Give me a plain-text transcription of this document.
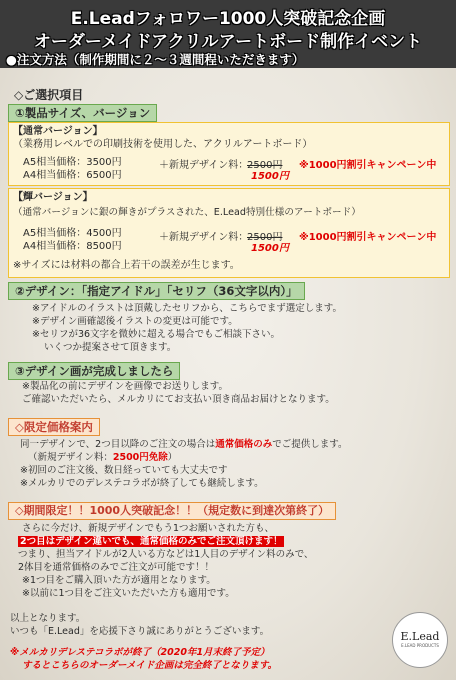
E.Leadフォロワー1000人突破記念企画
オーダーメイドアクリルアートボード制作イベント
●注文方法（制作期間に２～３週間程いただきます）
◇ご選択項目
①製品サイズ、バージョン
【通常バージョン】
（業務用レベルでの印刷技術を使用した、アクリルアートボード）
A5相当価格：3500円
A4相当価格：6500円
＋新規デザイン料：
2500円
1500円
※1000円割引キャンペーン中
【輝バージョン】
（通常バージョンに銀の輝きがプラスされた、E.Lead特別仕様のアートボード）
A5相当価格：4500円
A4相当価格：8500円
＋新規デザイン料：
2500円
1500円
※1000円割引キャンペーン中
※サイズには材料の都合上若干の誤差が生じます。
②デザイン：「指定アイドル」「セリフ（36文字以内）」
※アイドルのイラストは頂戴したセリフから、こちらでまず選定します。
※デザイン画確認後イラストの変更は可能です。
※セリフが36文字を微妙に超える場合でもご相談下さい。
いくつか提案させて頂きます。
③デザイン画が完成しましたら
※製品化の前にデザインを画像でお送りします。
ご確認いただいたら、メルカリにてお支払い頂き商品お届けとなります。
◇限定価格案内
同一デザインで、2つ目以降のご注文の場合は通常価格のみでご提供します。
（新規デザイン料：2500円免除）
※初回のご注文後、数日経っていても大丈夫です
※メルカリでのデレステコラボが終了しても継続します。
◇期間限定！！1000人突破記念！！（規定数に到達次第終了）
さらに今だけ、新規デザインでもう1つお願いされた方も、
2つ目はデザイン違いでも、通常価格のみでご注文頂けます！
つまり、担当アイドルが2人いる方などは1人目のデザイン料のみで、
2体目を通常価格のみでご注文が可能です！！
※1つ目をご購入頂いた方が適用となります。
※以前に1つ目をご注文いただいた方も適用です。
以上となります。
いつも「E.Lead」を応援下さり誠にありがとうございます。
※メルカリデレステコラボが終了（2020年1月末終了予定）
するとこちらのオーダーメイド企画は完全終了となります。
E.Lead
E.LEAD PRODUCTS
